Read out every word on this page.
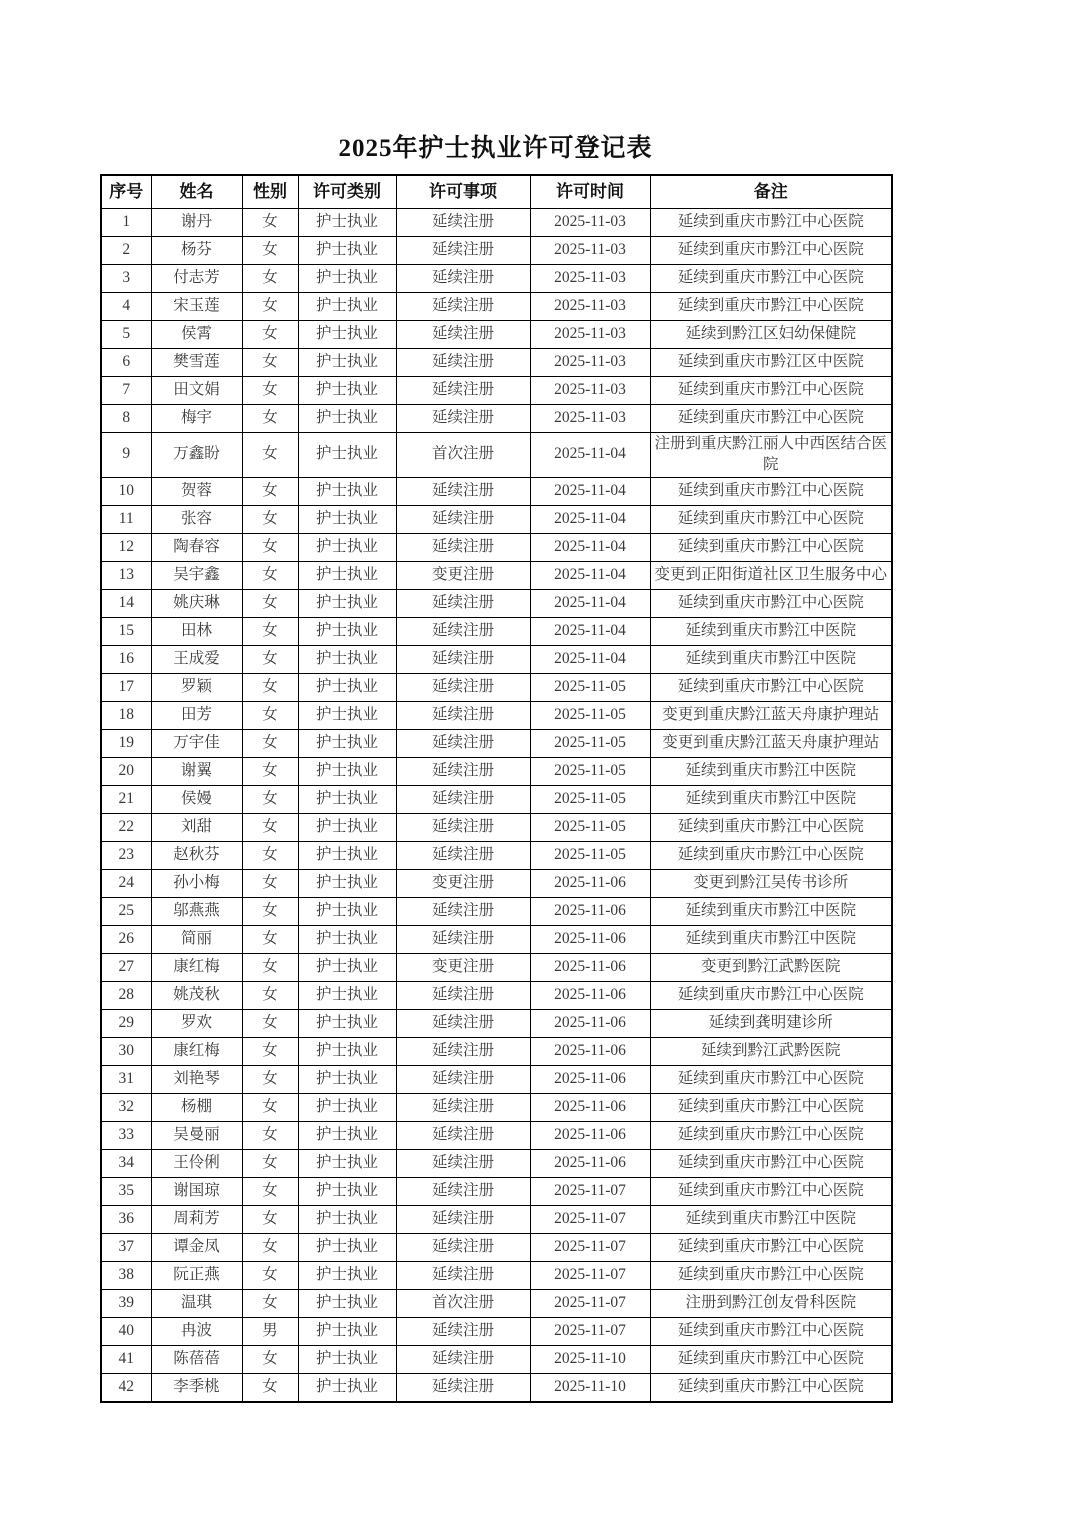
2025年护士执业许可登记表
序号	姓名	性别	许可类别	许可事项	许可时间	备注
1	谢丹	女	护士执业	延续注册	2025-11-03	延续到重庆市黔江中心医院
2	杨芬	女	护士执业	延续注册	2025-11-03	延续到重庆市黔江中心医院
3	付志芳	女	护士执业	延续注册	2025-11-03	延续到重庆市黔江中心医院
4	宋玉莲	女	护士执业	延续注册	2025-11-03	延续到重庆市黔江中心医院
5	侯霄	女	护士执业	延续注册	2025-11-03	延续到黔江区妇幼保健院
6	樊雪莲	女	护士执业	延续注册	2025-11-03	延续到重庆市黔江区中医院
7	田文娟	女	护士执业	延续注册	2025-11-03	延续到重庆市黔江中心医院
8	梅宇	女	护士执业	延续注册	2025-11-03	延续到重庆市黔江中心医院
9	万鑫盼	女	护士执业	首次注册	2025-11-04	注册到重庆黔江丽人中西医结合医院
10	贺蓉	女	护士执业	延续注册	2025-11-04	延续到重庆市黔江中心医院
11	张容	女	护士执业	延续注册	2025-11-04	延续到重庆市黔江中心医院
12	陶春容	女	护士执业	延续注册	2025-11-04	延续到重庆市黔江中心医院
13	吴宇鑫	女	护士执业	变更注册	2025-11-04	变更到正阳街道社区卫生服务中心
14	姚庆琳	女	护士执业	延续注册	2025-11-04	延续到重庆市黔江中心医院
15	田林	女	护士执业	延续注册	2025-11-04	延续到重庆市黔江中医院
16	王成爱	女	护士执业	延续注册	2025-11-04	延续到重庆市黔江中医院
17	罗颖	女	护士执业	延续注册	2025-11-05	延续到重庆市黔江中心医院
18	田芳	女	护士执业	延续注册	2025-11-05	变更到重庆黔江蓝天舟康护理站
19	万宇佳	女	护士执业	延续注册	2025-11-05	变更到重庆黔江蓝天舟康护理站
20	谢翼	女	护士执业	延续注册	2025-11-05	延续到重庆市黔江中医院
21	侯嫚	女	护士执业	延续注册	2025-11-05	延续到重庆市黔江中医院
22	刘甜	女	护士执业	延续注册	2025-11-05	延续到重庆市黔江中心医院
23	赵秋芬	女	护士执业	延续注册	2025-11-05	延续到重庆市黔江中心医院
24	孙小梅	女	护士执业	变更注册	2025-11-06	变更到黔江吴传书诊所
25	邬燕燕	女	护士执业	延续注册	2025-11-06	延续到重庆市黔江中医院
26	简丽	女	护士执业	延续注册	2025-11-06	延续到重庆市黔江中医院
27	康红梅	女	护士执业	变更注册	2025-11-06	变更到黔江武黔医院
28	姚茂秋	女	护士执业	延续注册	2025-11-06	延续到重庆市黔江中心医院
29	罗欢	女	护士执业	延续注册	2025-11-06	延续到龚明建诊所
30	康红梅	女	护士执业	延续注册	2025-11-06	延续到黔江武黔医院
31	刘艳琴	女	护士执业	延续注册	2025-11-06	延续到重庆市黔江中心医院
32	杨棚	女	护士执业	延续注册	2025-11-06	延续到重庆市黔江中心医院
33	吴曼丽	女	护士执业	延续注册	2025-11-06	延续到重庆市黔江中心医院
34	王伶俐	女	护士执业	延续注册	2025-11-06	延续到重庆市黔江中心医院
35	谢国琼	女	护士执业	延续注册	2025-11-07	延续到重庆市黔江中心医院
36	周莉芳	女	护士执业	延续注册	2025-11-07	延续到重庆市黔江中医院
37	谭金凤	女	护士执业	延续注册	2025-11-07	延续到重庆市黔江中心医院
38	阮正燕	女	护士执业	延续注册	2025-11-07	延续到重庆市黔江中心医院
39	温琪	女	护士执业	首次注册	2025-11-07	注册到黔江创友骨科医院
40	冉波	男	护士执业	延续注册	2025-11-07	延续到重庆市黔江中心医院
41	陈蓓蓓	女	护士执业	延续注册	2025-11-10	延续到重庆市黔江中心医院
42	李季桃	女	护士执业	延续注册	2025-11-10	延续到重庆市黔江中心医院
